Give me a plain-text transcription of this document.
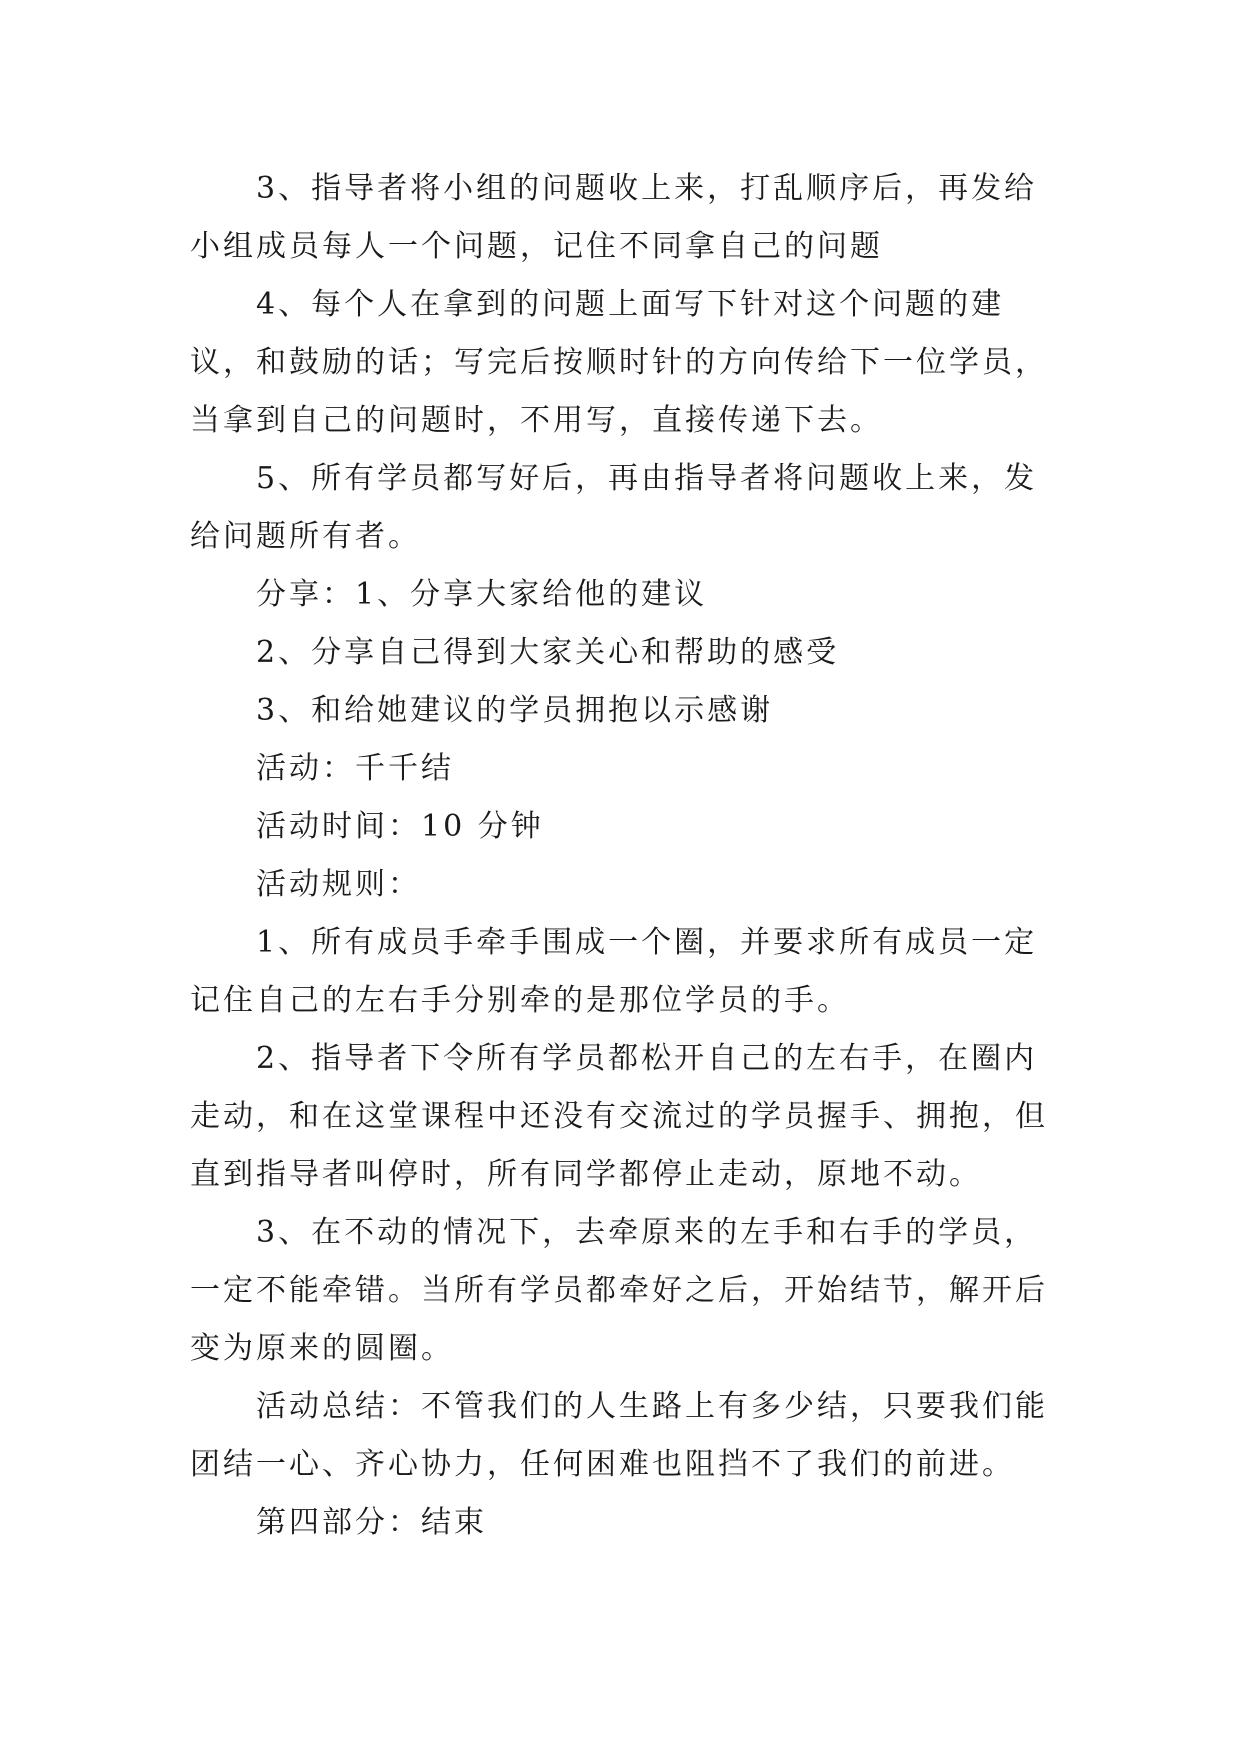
3、指导者将小组的问题收上来，打乱顺序后，再发给小组成员每人一个问题，记住不同拿自己的问题

4、每个人在拿到的问题上面写下针对这个问题的建议，和鼓励的话；写完后按顺时针的方向传给下一位学员，当拿到自己的问题时，不用写，直接传递下去。

5、所有学员都写好后，再由指导者将问题收上来，发给问题所有者。

分享：1、分享大家给他的建议

2、分享自己得到大家关心和帮助的感受

3、和给她建议的学员拥抱以示感谢

活动：千千结

活动时间：10 分钟

活动规则：

1、所有成员手牵手围成一个圈，并要求所有成员一定记住自己的左右手分别牵的是那位学员的手。

2、指导者下令所有学员都松开自己的左右手，在圈内走动，和在这堂课程中还没有交流过的学员握手、拥抱，但直到指导者叫停时，所有同学都停止走动，原地不动。

3、在不动的情况下，去牵原来的左手和右手的学员，一定不能牵错。当所有学员都牵好之后，开始结节，解开后变为原来的圆圈。

活动总结：不管我们的人生路上有多少结，只要我们能团结一心、齐心协力，任何困难也阻挡不了我们的前进。

第四部分：结束
